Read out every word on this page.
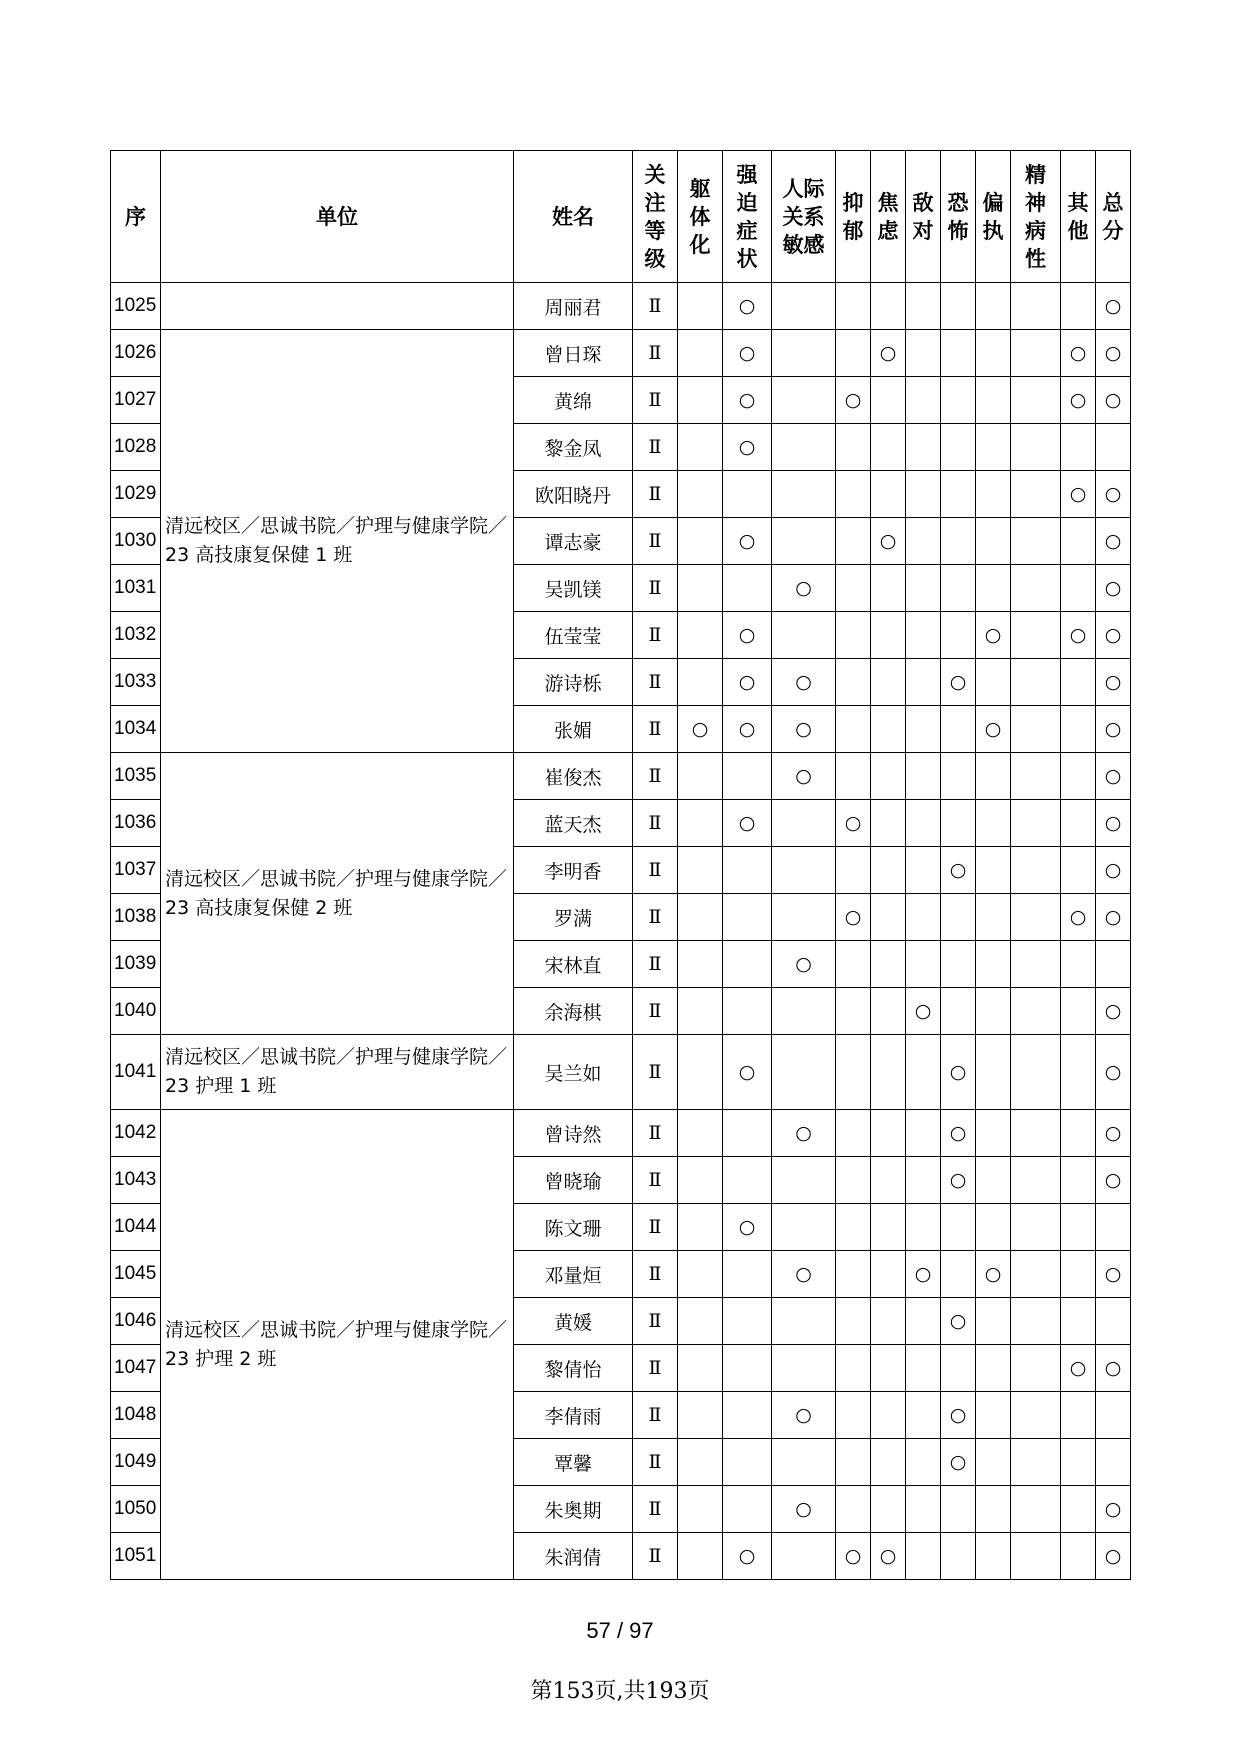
序	单位	姓名	关注等级	躯体化	强迫症状	人际关系敏感	抑郁	焦虑	敌对	恐怖	偏执	精神病性	其他	总分
1025		周丽君	Ⅱ		○									○
1026	清远校区／思诚书院／护理与健康学院／23 高技康复保健 1 班	曾日琛	Ⅱ		○			○					○	○
1027		黄绵	Ⅱ		○		○						○	○
1028		黎金凤	Ⅱ		○									
1029		欧阳晓丹	Ⅱ										○	○
1030		谭志豪	Ⅱ		○			○						○
1031		吴凯镁	Ⅱ			○								○
1032		伍莹莹	Ⅱ		○						○		○	○
1033		游诗栎	Ⅱ		○	○				○				○
1034		张媚	Ⅱ	○	○	○					○			○
1035	清远校区／思诚书院／护理与健康学院／23 高技康复保健 2 班	崔俊杰	Ⅱ			○								○
1036		蓝天杰	Ⅱ		○		○							○
1037		李明香	Ⅱ							○				○
1038		罗满	Ⅱ				○						○	○
1039		宋林直	Ⅱ			○								
1040		余海棋	Ⅱ						○					○
1041	清远校区／思诚书院／护理与健康学院／23 护理 1 班	吴兰如	Ⅱ		○					○				○
1042	清远校区／思诚书院／护理与健康学院／23 护理 2 班	曾诗然	Ⅱ			○				○				○
1043		曾晓瑜	Ⅱ							○				○
1044		陈文珊	Ⅱ		○									
1045		邓量烜	Ⅱ			○			○		○			○
1046		黄媛	Ⅱ							○				
1047		黎倩怡	Ⅱ										○	○
1048		李倩雨	Ⅱ			○				○				
1049		覃馨	Ⅱ							○				
1050		朱奥期	Ⅱ			○								○
1051		朱润倩	Ⅱ		○		○	○						○
57 / 97
第153页,共193页
